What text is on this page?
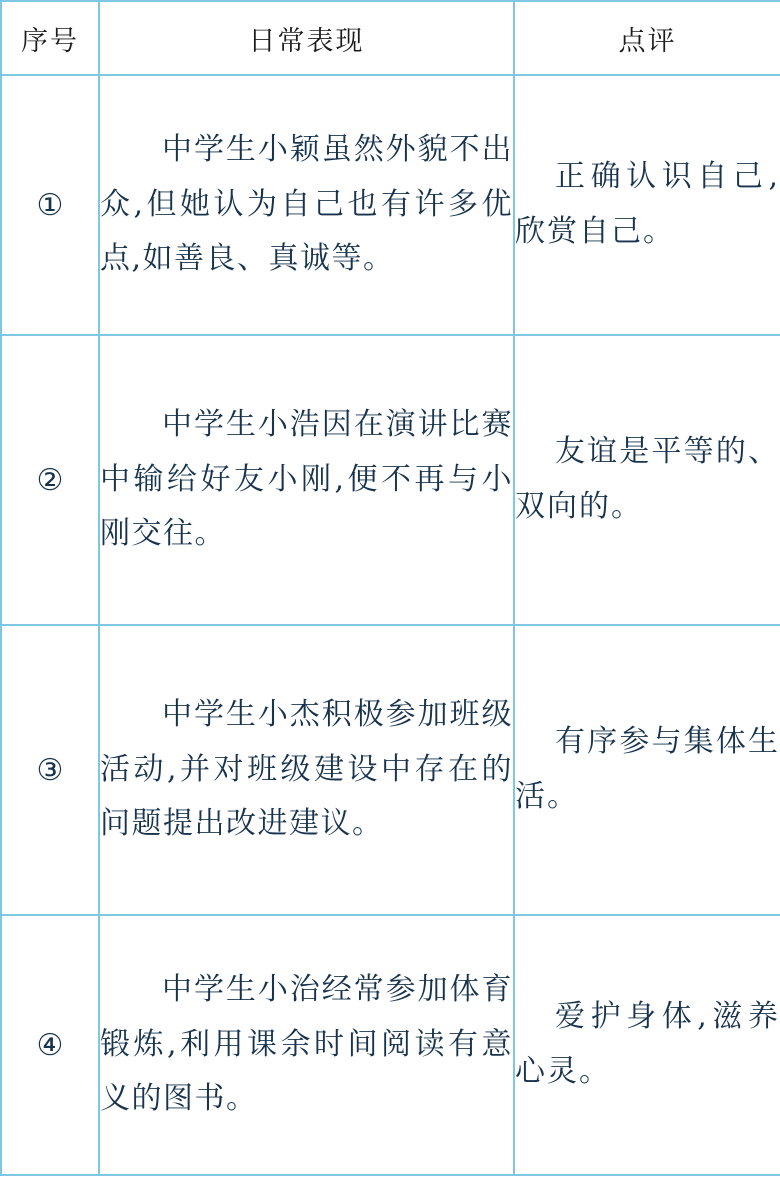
序号	日常表现	点评
①	中学生小颖虽然外貌不出众,但她认为自己也有许多优点,如善良、真诚等。	正确认识自己,欣赏自己。
②	中学生小浩因在演讲比赛中输给好友小刚,便不再与小刚交往。	友谊是平等的、双向的。
③	中学生小杰积极参加班级活动,并对班级建设中存在的问题提出改进建议。	有序参与集体生活。
④	中学生小治经常参加体育锻炼,利用课余时间阅读有意义的图书。	爱护身体,滋养心灵。
